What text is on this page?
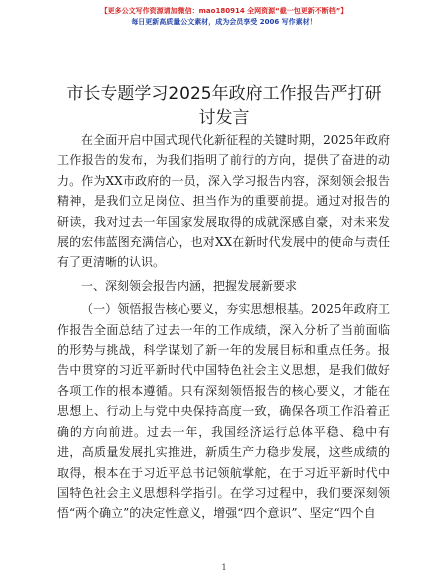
【更多公文写作资源请加微信：mao180914 全网资源“截一包更新不断档”】
每日更新高质量公文素材，成为会员享受 2006 写作素材！
市长专题学习2025年政府工作报告严打研讨发言

在全面开启中国式现代化新征程的关键时期，2025年政府工作报告的发布，为我们指明了前行的方向，提供了奋进的动力。作为XX市政府的一员，深入学习报告内容，深刻领会报告精神，是我们立足岗位、担当作为的重要前提。通过对报告的研读，我对过去一年国家发展取得的成就深感自豪，对未来发展的宏伟蓝图充满信心，也对XX在新时代发展中的使命与责任有了更清晰的认识。

一、深刻领会报告内涵，把握发展新要求

（一）领悟报告核心要义，夯实思想根基。2025年政府工作报告全面总结了过去一年的工作成绩，深入分析了当前面临的形势与挑战，科学谋划了新一年的发展目标和重点任务。报告中贯穿的习近平新时代中国特色社会主义思想，是我们做好各项工作的根本遵循。只有深刻领悟报告的核心要义，才能在思想上、行动上与党中央保持高度一致，确保各项工作沿着正确的方向前进。过去一年，我国经济运行总体平稳、稳中有进，高质量发展扎实推进，新质生产力稳步发展，这些成绩的取得，根本在于习近平总书记领航掌舵，在于习近平新时代中国特色社会主义思想科学指引。在学习过程中，我们要深刻领悟“两个确立”的决定性意义，增强“四个意识”、坚定“四个自

1
